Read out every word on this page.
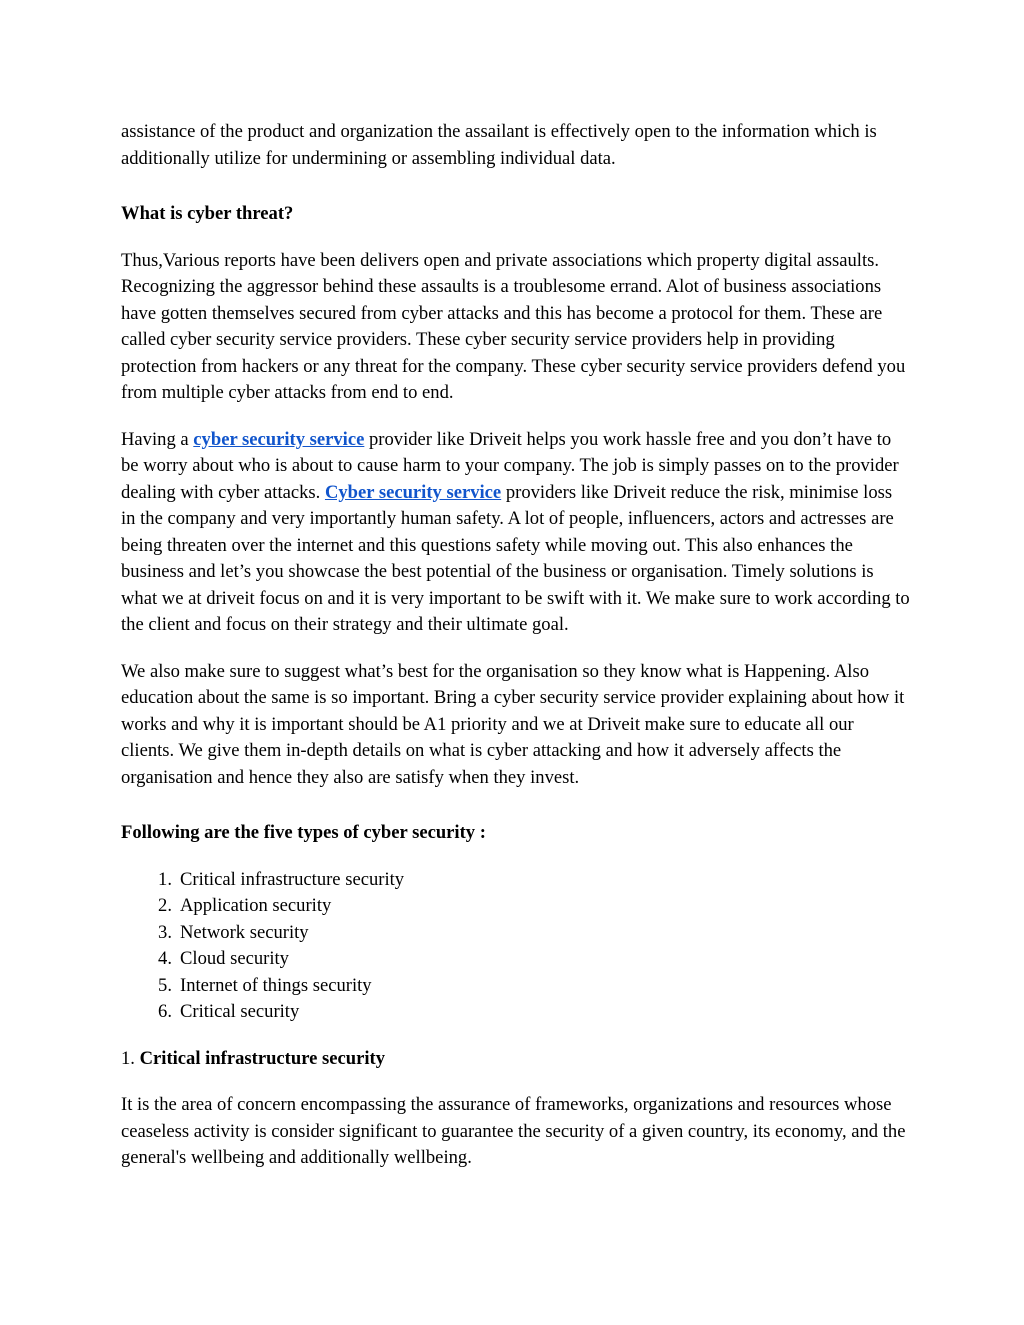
assistance of the product and organization the assailant is effectively open to the information which is additionally utilize for undermining or assembling individual data.

What is cyber threat?

Thus,Various reports have been delivers open and private associations which property digital assaults. Recognizing the aggressor behind these assaults is a troublesome errand. Alot of business associations have gotten themselves secured from cyber attacks and this has become a protocol for them. These are called cyber security service providers. These cyber security service providers help in providing protection from hackers or any threat for the company. These cyber security service providers defend you from multiple cyber attacks from end to end.

Having a cyber security service provider like Driveit helps you work hassle free and you don’t have to be worry about who is about to cause harm to your company. The job is simply passes on to the provider dealing with cyber attacks. Cyber security service providers like Driveit reduce the risk, minimise loss in the company and very importantly human safety. A lot of people, influencers, actors and actresses are being threaten over the internet and this questions safety while moving out. This also enhances the business and let’s you showcase the best potential of the business or organisation. Timely solutions is what we at driveit focus on and it is very important to be swift with it. We make sure to work according to the client and focus on their strategy and their ultimate goal.

We also make sure to suggest what’s best for the organisation so they know what is Happening. Also education about the same is so important. Bring a cyber security service provider explaining about how it works and why it is important should be A1 priority and we at Driveit make sure to educate all our clients. We give them in-depth details on what is cyber attacking and how it adversely affects the organisation and hence they also are satisfy when they invest.

Following are the five types of cyber security :

1. Critical infrastructure security
2. Application security
3. Network security
4. Cloud security
5. Internet of things security
6. Critical security

1. Critical infrastructure security

It is the area of concern encompassing the assurance of frameworks, organizations and resources whose ceaseless activity is consider significant to guarantee the security of a given country, its economy, and the general's wellbeing and additionally wellbeing.
